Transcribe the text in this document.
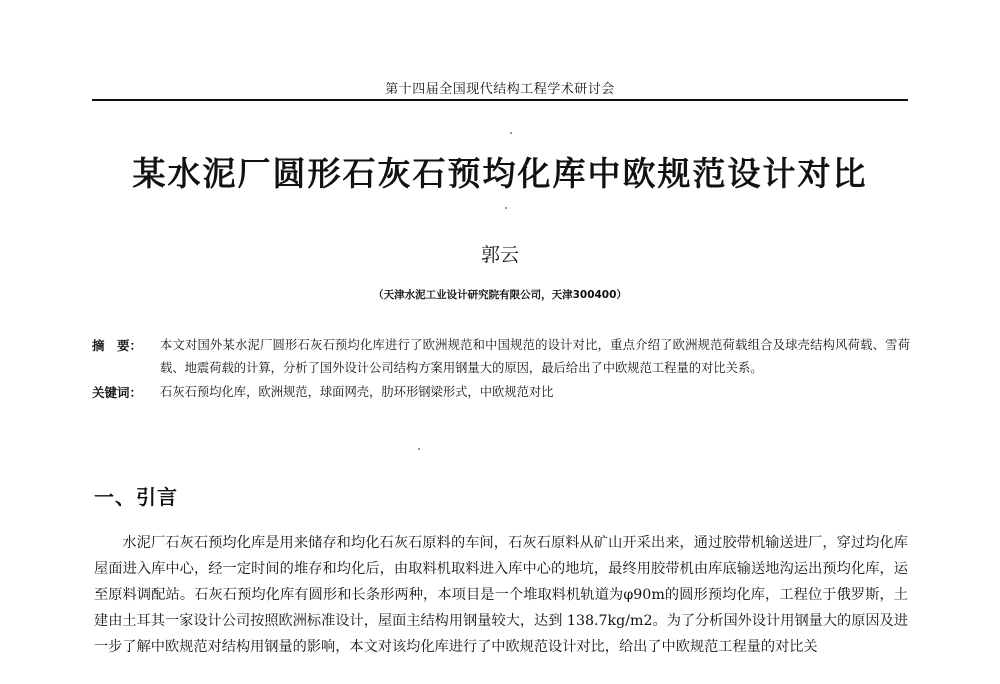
第十四届全国现代结构工程学术研讨会
某水泥厂圆形石灰石预均化库中欧规范设计对比
郭云
（天津水泥工业设计研究院有限公司，天津300400）
摘　要：	本文对国外某水泥厂圆形石灰石预均化库进行了欧洲规范和中国规范的设计对比，重点介绍了欧洲规范荷载组合及球壳结构风荷载、雪荷载、地震荷载的计算，分析了国外设计公司结构方案用钢量大的原因，最后给出了中欧规范工程量的对比关系。
关键词：	石灰石预均化库，欧洲规范，球面网壳，肋环形钢梁形式，中欧规范对比
一、引言
水泥厂石灰石预均化库是用来储存和均化石灰石原料的车间，石灰石原料从矿山开采出来，通过胶带机输送进厂，穿过均化库屋面进入库中心，经一定时间的堆存和均化后，由取料机取料进入库中心的地坑，最终用胶带机由库底输送地沟运出预均化库，运至原料调配站。石灰石预均化库有圆形和长条形两种，本项目是一个堆取料机轨道为φ90m的圆形预均化库，工程位于俄罗斯，土建由土耳其一家设计公司按照欧洲标准设计，屋面主结构用钢量较大，达到 138.7kg/m2。为了分析国外设计用钢量大的原因及进一步了解中欧规范对结构用钢量的影响，本文对该均化库进行了中欧规范设计对比，给出了中欧规范工程量的对比关
